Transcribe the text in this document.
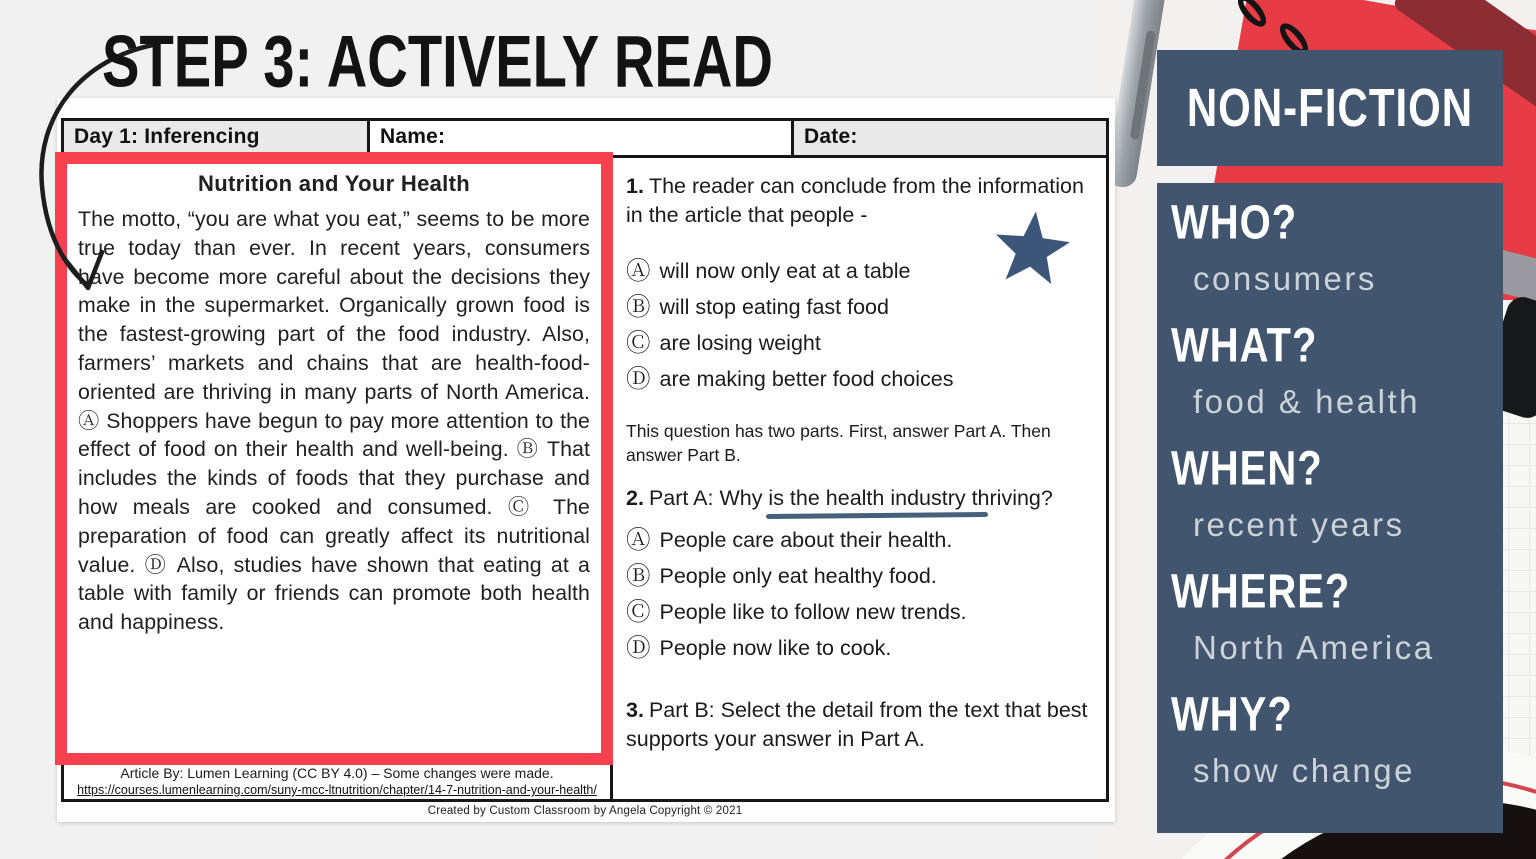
STEP 3: ACTIVELY READ
Day 1: Inferencing	Name:	Date:

1. The reader can conclude from the information in the article that people -

Ⓐ will now only eat at a table
Ⓑ will stop eating fast food
Ⓒ are losing weight
Ⓓ are making better food choices

This question has two parts. First, answer Part A. Then answer Part B.

2. Part A: Why is the health industry thriving?

Ⓐ People care about their health.
Ⓑ People only eat healthy food.
Ⓒ People like to follow new trends.
Ⓓ People now like to cook.

3. Part B: Select the detail from the text that best supports your answer in Part A.

Nutrition and Your Health

The motto, “you are what you eat,” seems to be more true today than ever. In recent years, consumers have become more careful about the decisions they make in the supermarket. Organically grown food is the fastest-growing part of the food industry. Also, farmers’ markets and chains that are health-food-oriented are thriving in many parts of North America. Ⓐ Shoppers have begun to pay more attention to the effect of food on their health and well-being. Ⓑ That includes the kinds of foods that they purchase and how meals are cooked and consumed. Ⓒ The preparation of food can greatly affect its nutritional value. Ⓓ Also, studies have shown that eating at a table with family or friends can promote both health and happiness.

Article By: Lumen Learning (CC BY 4.0) – Some changes were made.
https://courses.lumenlearning.com/suny-mcc-ltnutrition/chapter/14-7-nutrition-and-your-health/
Created by Custom Classroom by Angela Copyright © 2021
NON-FICTION
WHO?
consumers
WHAT?
food & health
WHEN?
recent years
WHERE?
North America
WHY?
show change
